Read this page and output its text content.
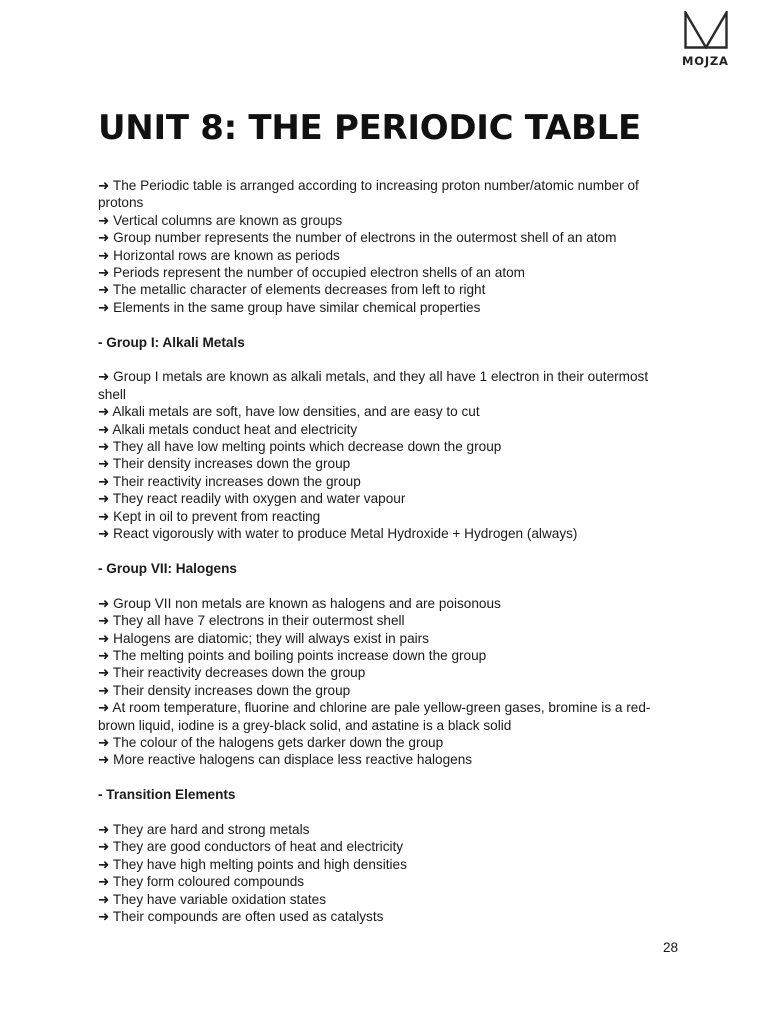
MOJZA
UNIT 8: THE PERIODIC TABLE
➜ The Periodic table is arranged according to increasing proton number/atomic number of protons
➜ Vertical columns are known as groups
➜ Group number represents the number of electrons in the outermost shell of an atom
➜ Horizontal rows are known as periods
➜ Periods represent the number of occupied electron shells of an atom
➜ The metallic character of elements decreases from left to right
➜ Elements in the same group have similar chemical properties
- Group I: Alkali Metals
➜ Group I metals are known as alkali metals, and they all have 1 electron in their outermost shell
➜ Alkali metals are soft, have low densities, and are easy to cut
➜ Alkali metals conduct heat and electricity
➜ They all have low melting points which decrease down the group
➜ Their density increases down the group
➜ Their reactivity increases down the group
➜ They react readily with oxygen and water vapour
➜ Kept in oil to prevent from reacting
➜ React vigorously with water to produce Metal Hydroxide + Hydrogen (always)
- Group VII: Halogens
➜ Group VII non metals are known as halogens and are poisonous
➜ They all have 7 electrons in their outermost shell
➜ Halogens are diatomic; they will always exist in pairs
➜ The melting points and boiling points increase down the group
➜ Their reactivity decreases down the group
➜ Their density increases down the group
➜ At room temperature, fluorine and chlorine are pale yellow-green gases, bromine is a red-brown liquid, iodine is a grey-black solid, and astatine is a black solid
➜ The colour of the halogens gets darker down the group
➜ More reactive halogens can displace less reactive halogens
- Transition Elements
➜ They are hard and strong metals
➜ They are good conductors of heat and electricity
➜ They have high melting points and high densities
➜ They form coloured compounds
➜ They have variable oxidation states
➜ Their compounds are often used as catalysts
28
